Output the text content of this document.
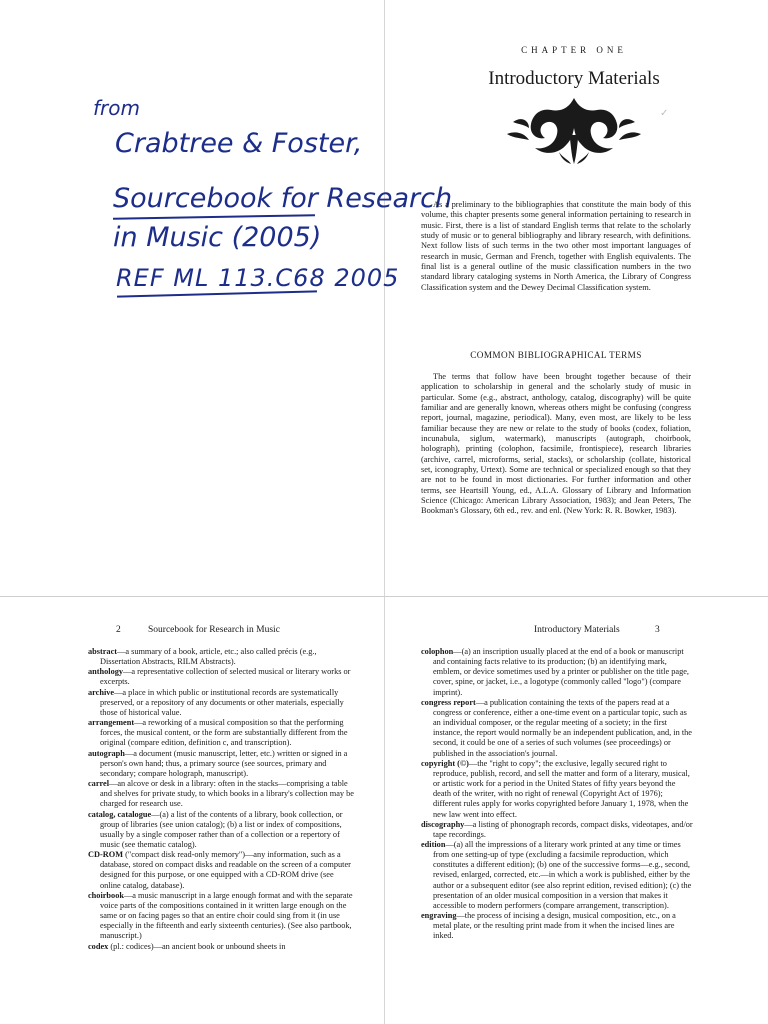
from
Crabtree & Foster,
Sourcebook for Research
in Music (2005)
REF ML 113.C68 2005
CHAPTER ONE
Introductory Materials
✓

As a preliminary to the bibliographies that constitute the main body of this volume, this chapter presents some general information pertaining to research in music. First, there is a list of standard English terms that relate to the scholarly study of music or to general bibliography and library research, with definitions. Next follow lists of such terms in the two other most important languages of research in music, German and French, together with English equivalents. The final list is a general outline of the music classification numbers in the two standard library cataloging systems in North America, the Library of Congress Classification system and the Dewey Decimal Classification system.

COMMON BIBLIOGRAPHICAL TERMS

The terms that follow have been brought together because of their application to scholarship in general and the scholarly study of music in particular. Some (e.g., abstract, anthology, catalog, discography) will be quite familiar and are generally known, whereas others might be confusing (congress report, journal, magazine, periodical). Many, even most, are likely to be less familiar because they are new or relate to the study of books (codex, foliation, incunabula, siglum, watermark), manuscripts (autograph, choirbook, holograph), printing (colophon, facsimile, frontispiece), research libraries (archive, carrel, microforms, serial, stacks), or scholarship (collate, historical set, iconography, Urtext). Some are technical or specialized enough so that they are not to be found in most dictionaries. For further information and other terms, see Heartsill Young, ed., A.L.A. Glossary of Library and Information Science (Chicago: American Library Association, 1983); and Jean Peters, The Bookman's Glossary, 6th ed., rev. and enl. (New York: R. R. Bowker, 1983).

2	Sourcebook for Research in Music	Introductory Materials	3

abstract—a summary of a book, article, etc.; also called précis (e.g., Dissertation Abstracts, RILM Abstracts).

anthology—a representative collection of selected musical or literary works or excerpts.

archive—a place in which public or institutional records are systematically preserved, or a repository of any documents or other materials, especially those of historical value.

arrangement—a reworking of a musical composition so that the performing forces, the musical content, or the form are substantially different from the original (compare edition, definition c, and transcription).

autograph—a document (music manuscript, letter, etc.) written or signed in a person's own hand; thus, a primary source (see sources, primary and secondary; compare holograph, manuscript).

carrel—an alcove or desk in a library: often in the stacks—comprising a table and shelves for private study, to which books in a library's collection may be charged for research use.

catalog, catalogue—(a) a list of the contents of a library, book collection, or group of libraries (see union catalog); (b) a list or index of compositions, usually by a single composer rather than of a collection or a repertory of music (see thematic catalog).

CD-ROM ("compact disk read-only memory")—any information, such as a database, stored on compact disks and readable on the screen of a computer designed for this purpose, or one equipped with a CD-ROM drive (see online catalog, database).

choirbook—a music manuscript in a large enough format and with the separate voice parts of the compositions contained in it written large enough on the same or on facing pages so that an entire choir could sing from it (in use especially in the fifteenth and early sixteenth centuries). (See also partbook, manuscript.)

codex (pl.: codices)—an ancient book or unbound sheets in

colophon—(a) an inscription usually placed at the end of a book or manuscript and containing facts relative to its production; (b) an identifying mark, emblem, or device sometimes used by a printer or publisher on the title page, cover, spine, or jacket, i.e., a logotype (commonly called "logo") (compare imprint).

congress report—a publication containing the texts of the papers read at a congress or conference, either a one-time event on a particular topic, such as an individual composer, or the regular meeting of a society; in the first instance, the report would normally be an independent publication, and, in the second, it could be one of a series of such volumes (see proceedings) or published in the association's journal.

copyright (©)—the "right to copy"; the exclusive, legally secured right to reproduce, publish, record, and sell the matter and form of a literary, musical, or artistic work for a period in the United States of fifty years beyond the death of the writer, with no right of renewal (Copyright Act of 1976); different rules apply for works copyrighted before January 1, 1978, when the new law went into effect.

discography—a listing of phonograph records, compact disks, videotapes, and/or tape recordings.

edition—(a) all the impressions of a literary work printed at any time or times from one setting-up of type (excluding a facsimile reproduction, which constitutes a different edition); (b) one of the successive forms—e.g., second, revised, enlarged, corrected, etc.—in which a work is published, either by the author or a subsequent editor (see also reprint edition, revised edition); (c) the presentation of an older musical composition in a version that makes it accessible to modern performers (compare arrangement, transcription).

engraving—the process of incising a design, musical composition, etc., on a metal plate, or the resulting print made from it when the incised lines are inked.
